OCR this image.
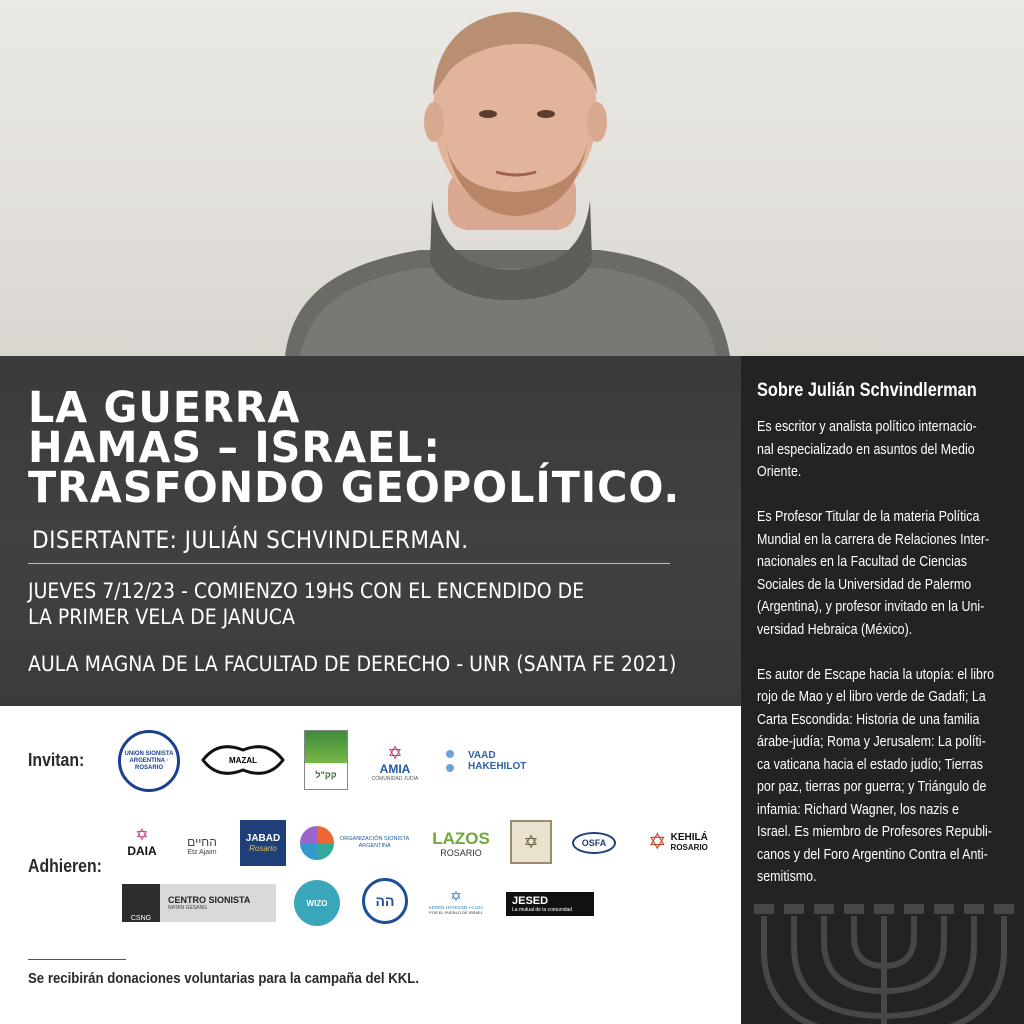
LA GUERRA
HAMAS – ISRAEL:
TRASFONDO GEOPOLÍTICO.
DISERTANTE: JULIÁN SCHVINDLERMAN.
JUEVES 7/12/23 - COMIENZO 19HS CON EL ENCENDIDO DE
LA PRIMER VELA DE JANUCA
AULA MAGNA DE LA FACULTAD DE DERECHO - UNR (SANTA FE 2021)
Sobre Julián Schvindlerman

Es escritor y analista político internacio-
nal especializado en asuntos del Medio
Oriente.

Es Profesor Titular de la materia Política
Mundial en la carrera de Relaciones Inter-
nacionales en la Facultad de Ciencias
Sociales de la Universidad de Palermo
(Argentina), y profesor invitado en la Uni-
versidad Hebraica (México).

Es autor de Escape hacia la utopía: el libro
rojo de Mao y el libro verde de Gadafi; La
Carta Escondida: Historia de una familia
árabe-judía; Roma y Jerusalem: La políti-
ca vaticana hacia el estado judío; Tierras
por paz, tierras por guerra; y Triángulo de
infamia: Richard Wagner, los nazis e
Israel. Es miembro de Profesores Republi-
canos y del Foro Argentino Contra el Anti-
semitismo.

Invitan:
Adhieren:
UNION SIONISTA ARGENTINA · ROSARIO
MAZAL
קק"ל
✡
AMIA
COMUNIDAD JUDIA
VAAD
HAKEHILOT
✡
DAIA
החיים
Etz Ajaim
JABAD
Rosario
ORGANIZACIÓN SIONISTA
ARGENTINA	LAZOS
ROSARIO
✡	OSFA	✡ KEHILÁ
ROSARIO
CSNG
CENTRO SIONISTA
NATAN GESANG
WIZO	הה	✡
KEREN HAYESOD • CUJA
POR EL PUEBLO DE ISRAEL
JESED
La mutual de la comunidad
Se recibirán donaciones voluntarias para la campaña del KKL.
